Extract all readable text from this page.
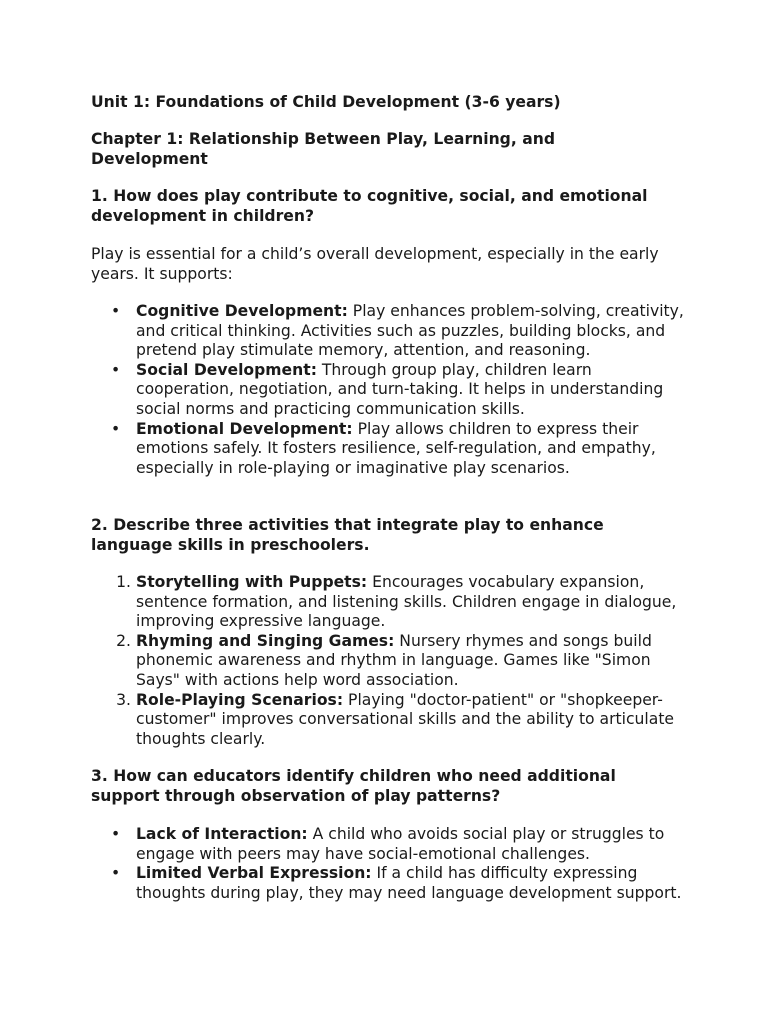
Unit 1: Foundations of Child Development (3-6 years)
Chapter 1: Relationship Between Play, Learning, and Development
1. How does play contribute to cognitive, social, and emotional development in children?

Play is essential for a child’s overall development, especially in the early years. It supports:

• Cognitive Development: Play enhances problem-solving, creativity, and critical thinking. Activities such as puzzles, building blocks, and pretend play stimulate memory, attention, and reasoning.
• Social Development: Through group play, children learn cooperation, negotiation, and turn-taking. It helps in understanding social norms and practicing communication skills.
• Emotional Development: Play allows children to express their emotions safely. It fosters resilience, self-regulation, and empathy, especially in role-playing or imaginative play scenarios.
2. Describe three activities that integrate play to enhance language skills in preschoolers.
1. Storytelling with Puppets: Encourages vocabulary expansion, sentence formation, and listening skills. Children engage in dialogue, improving expressive language.
2. Rhyming and Singing Games: Nursery rhymes and songs build phonemic awareness and rhythm in language. Games like "Simon Says" with actions help word association.
3. Role-Playing Scenarios: Playing "doctor-patient" or "shopkeeper-customer" improves conversational skills and the ability to articulate thoughts clearly.
3. How can educators identify children who need additional support through observation of play patterns?
• Lack of Interaction: A child who avoids social play or struggles to engage with peers may have social-emotional challenges.
• Limited Verbal Expression: If a child has difficulty expressing thoughts during play, they may need language development support.
